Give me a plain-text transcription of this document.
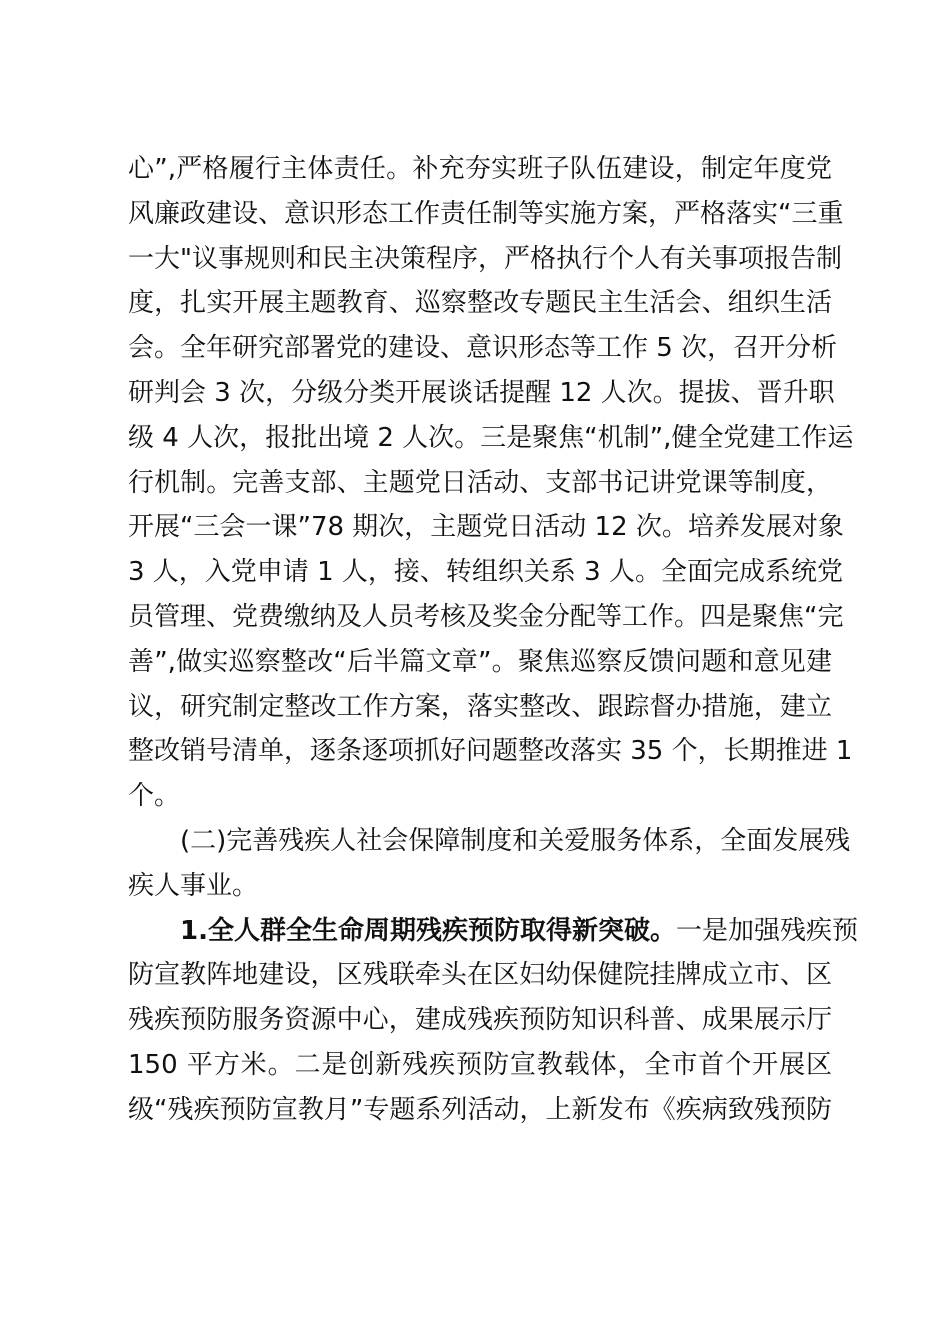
心”,严格履行主体责任。补充夯实班子队伍建设，制定年度党
风廉政建设、意识形态工作责任制等实施方案，严格落实“三重
一大"议事规则和民主决策程序，严格执行个人有关事项报告制
度，扎实开展主题教育、巡察整改专题民主生活会、组织生活
会。全年研究部署党的建设、意识形态等工作 5 次，召开分析
研判会 3 次，分级分类开展谈话提醒 12 人次。提拔、晋升职
级 4 人次，报批出境 2 人次。三是聚焦“机制”,健全党建工作运
行机制。完善支部、主题党日活动、支部书记讲党课等制度，
开展“三会一课”78 期次，主题党日活动 12 次。培养发展对象
3 人，入党申请 1 人，接、转组织关系 3 人。全面完成系统党
员管理、党费缴纳及人员考核及奖金分配等工作。四是聚焦“完
善”,做实巡察整改“后半篇文章”。聚焦巡察反馈问题和意见建
议，研究制定整改工作方案，落实整改、跟踪督办措施，建立
整改销号清单，逐条逐项抓好问题整改落实 35 个，长期推进 1
个。
(二)完善残疾人社会保障制度和关爱服务体系，全面发展残
疾人事业。
1.全人群全生命周期残疾预防取得新突破。一是加强残疾预
防宣教阵地建设，区残联牵头在区妇幼保健院挂牌成立市、区
残疾预防服务资源中心，建成残疾预防知识科普、成果展示厅
150 平方米。二是创新残疾预防宣教载体，全市首个开展区
级“残疾预防宣教月”专题系列活动，上新发布《疾病致残预防
